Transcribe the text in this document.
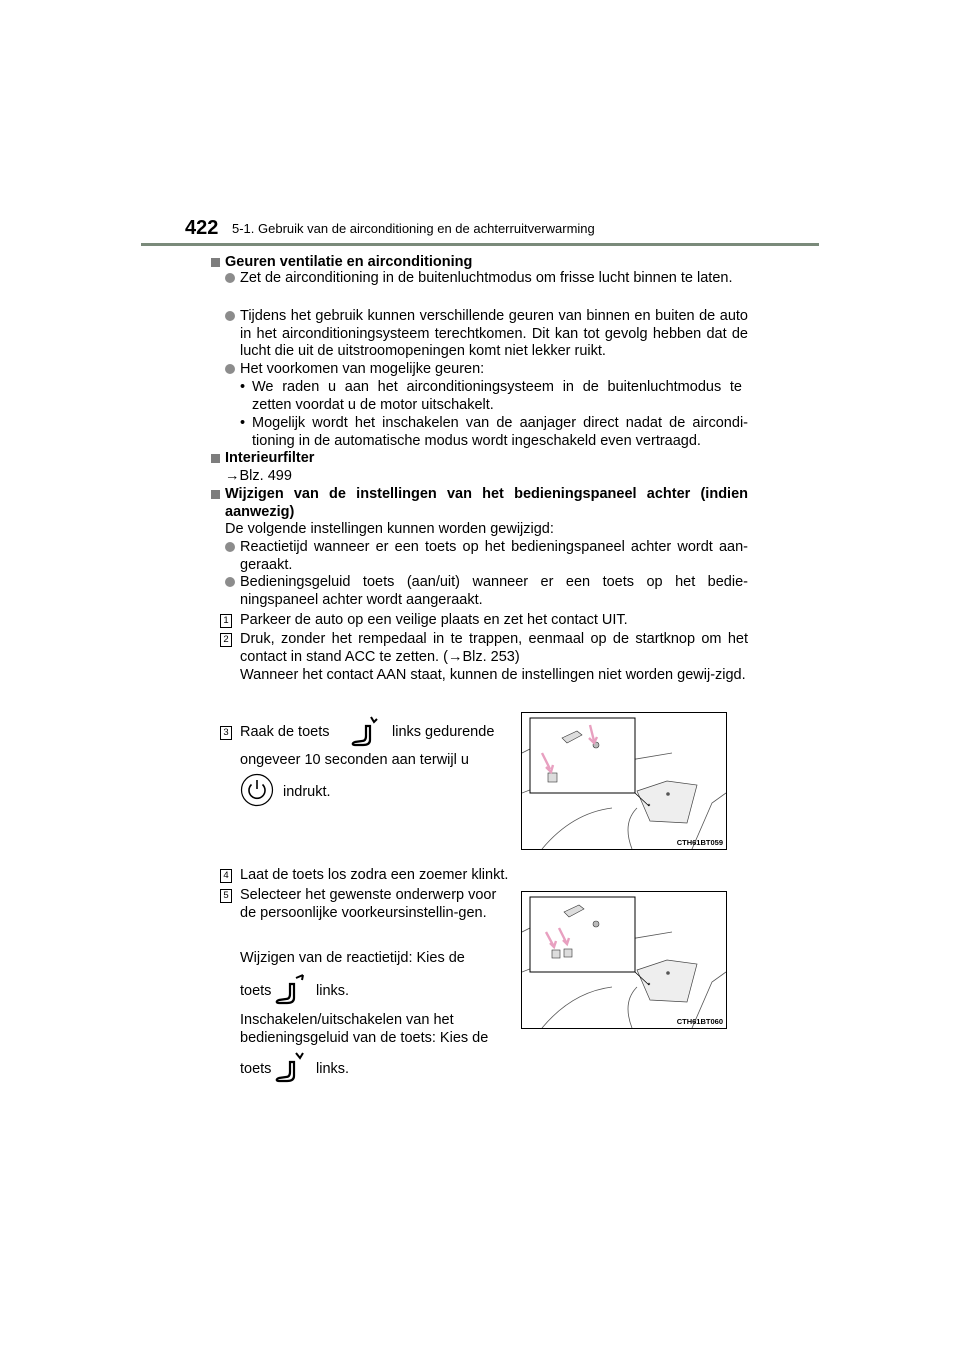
422 5-1. Gebruik van de airconditioning en de achterruitverwarming
Geuren ventilatie en airconditioning
Zet de airconditioning in de buitenluchtmodus om frisse lucht binnen te laten.
Tijdens het gebruik kunnen verschillende geuren van binnen en buiten de auto in het airconditioningsysteem terechtkomen. Dit kan tot gevolg hebben dat de lucht die uit de uitstroomopeningen komt niet lekker ruikt.
Het voorkomen van mogelijke geuren:
• We raden u aan het airconditioningsysteem in de buitenluchtmodus te zetten voordat u de motor uitschakelt.
• Mogelijk wordt het inschakelen van de aanjager direct nadat de aircondi-tioning in de automatische modus wordt ingeschakeld even vertraagd.
Interieurfilter
→Blz. 499
Wijzigen van de instellingen van het bedieningspaneel achter (indien aanwezig)
De volgende instellingen kunnen worden gewijzigd:
Reactietijd wanneer er een toets op het bedieningspaneel achter wordt aan-geraakt.
Bedieningsgeluid toets (aan/uit) wanneer er een toets op het bedie-ningspaneel achter wordt aangeraakt.
1 Parkeer de auto op een veilige plaats en zet het contact UIT.
2 Druk, zonder het rempedaal in te trappen, eenmaal op de startknop om het contact in stand ACC te zetten. (→Blz. 253)
Wanneer het contact AAN staat, kunnen de instellingen niet worden gewij-zigd.
3 Raak de toets	links gedurende
ongeveer 10 seconden aan terwijl u
indrukt.
CTH61BT059
4 Laat de toets los zodra een zoemer klinkt.
5 Selecteer het gewenste onderwerp voor de persoonlijke voorkeursinstellin-gen.
Wijzigen van de reactietijd: Kies de
toets	links.
Inschakelen/uitschakelen van het bedieningsgeluid van de toets: Kies de
toets	links.
CTH61BT060
